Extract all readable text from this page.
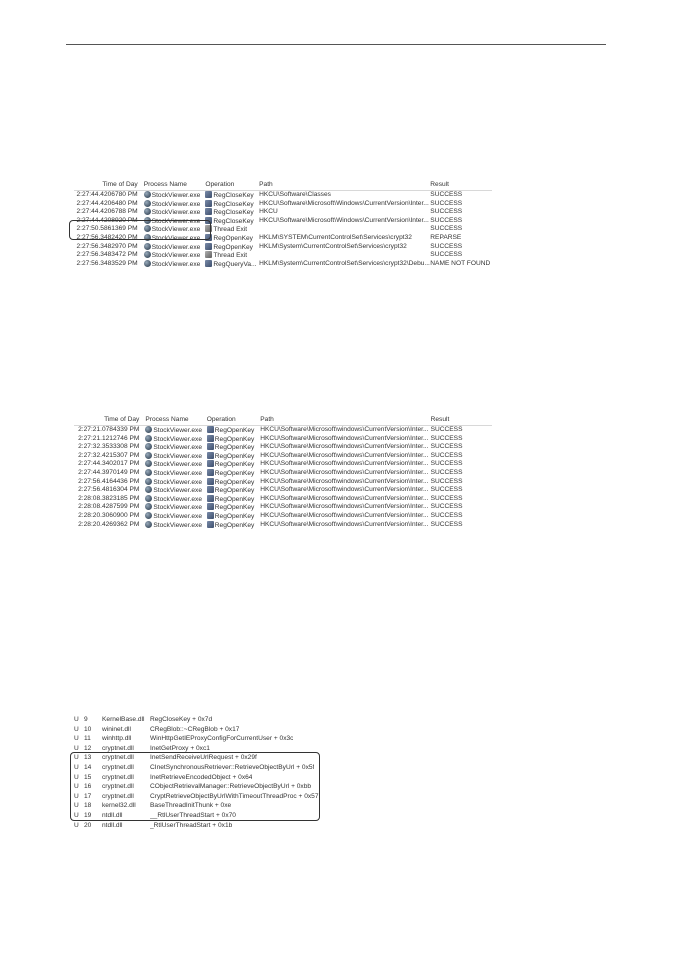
Time of Day Process Name	Operation	Path	Result
2:27:44.4206780 PM	StockViewer.exe	RegCloseKey HKCU\Software\Classes	SUCCESS
2:27:44.4206480 PM	StockViewer.exe	RegCloseKey HKCU\Software\Microsoft\Windows\CurrentVersion\Inter... SUCCESS
2:27:44.4206788 PM	StockViewer.exe	RegCloseKey HKCU	SUCCESS
2:27:44.4208920 PM	StockViewer.exe	RegCloseKey HKCU\Software\Microsoft\Windows\CurrentVersion\Inter... SUCCESS
2:27:50.5861369 PM	StockViewer.exe	Thread Exit	SUCCESS
2:27:56.3482420 PM	StockViewer.exe	RegOpenKey HKLM\SYSTEM\CurrentControlSet\Services\crypt32	REPARSE
2:27:56.3482970 PM	StockViewer.exe	RegOpenKey HKLM\System\CurrentControlSet\Services\crypt32	SUCCESS
2:27:56.3483472 PM	StockViewer.exe	Thread Exit	SUCCESS
2:27:56.3483529 PM	StockViewer.exe	RegQueryVa... HKLM\System\CurrentControlSet\Services\crypt32\Debu... NAME NOT FOUND
Time of Day Process Name	Operation	Path	Result
2:27:21.0784339 PM	StockViewer.exe	RegOpenKey HKCU\Software\Microsoft\windows\CurrentVersion\Inter... SUCCESS
2:27:21.1212746 PM	StockViewer.exe	RegOpenKey HKCU\Software\Microsoft\windows\CurrentVersion\Inter... SUCCESS
2:27:32.3533308 PM	StockViewer.exe	RegOpenKey HKCU\Software\Microsoft\windows\CurrentVersion\Inter... SUCCESS
2:27:32.4215307 PM	StockViewer.exe	RegOpenKey HKCU\Software\Microsoft\windows\CurrentVersion\Inter... SUCCESS
2:27:44.3402017 PM	StockViewer.exe	RegOpenKey HKCU\Software\Microsoft\windows\CurrentVersion\Inter... SUCCESS
2:27:44.3970149 PM	StockViewer.exe	RegOpenKey HKCU\Software\Microsoft\windows\CurrentVersion\Inter... SUCCESS
2:27:56.4164436 PM	StockViewer.exe	RegOpenKey HKCU\Software\Microsoft\windows\CurrentVersion\Inter... SUCCESS
2:27:56.4816304 PM	StockViewer.exe	RegOpenKey HKCU\Software\Microsoft\windows\CurrentVersion\Inter... SUCCESS
2:28:08.3823185 PM	StockViewer.exe	RegOpenKey HKCU\Software\Microsoft\windows\CurrentVersion\Inter... SUCCESS
2:28:08.4287599 PM	StockViewer.exe	RegOpenKey HKCU\Software\Microsoft\windows\CurrentVersion\Inter... SUCCESS
2:28:20.3060900 PM	StockViewer.exe	RegOpenKey HKCU\Software\Microsoft\windows\CurrentVersion\Inter... SUCCESS
2:28:20.4269362 PM	StockViewer.exe	RegOpenKey HKCU\Software\Microsoft\windows\CurrentVersion\Inter... SUCCESS
U 9	KernelBase.dll RegCloseKey + 0x7d
U 10	wininet.dll	CRegBlob::~CRegBlob + 0x17
U 11	winhttp.dll	WinHttpGetIEProxyConfigForCurrentUser + 0x3c
U 12	cryptnet.dll	InetGetProxy + 0xc1
U 13	cryptnet.dll	InetSendReceiveUrlRequest + 0x29f
U 14	cryptnet.dll	CInetSynchronousRetriever::RetrieveObjectByUrl + 0x5f
U 15	cryptnet.dll	InetRetrieveEncodedObject + 0x64
U 16	cryptnet.dll	CObjectRetrievalManager::RetrieveObjectByUrl + 0xbb
U 17	cryptnet.dll	CryptRetrieveObjectByUrlWithTimeoutThreadProc + 0x57
U 18	kernel32.dll	BaseThreadInitThunk + 0xe
U 19	ntdll.dll	__RtlUserThreadStart + 0x70
U 20	ntdll.dll	_RtlUserThreadStart + 0x1b
